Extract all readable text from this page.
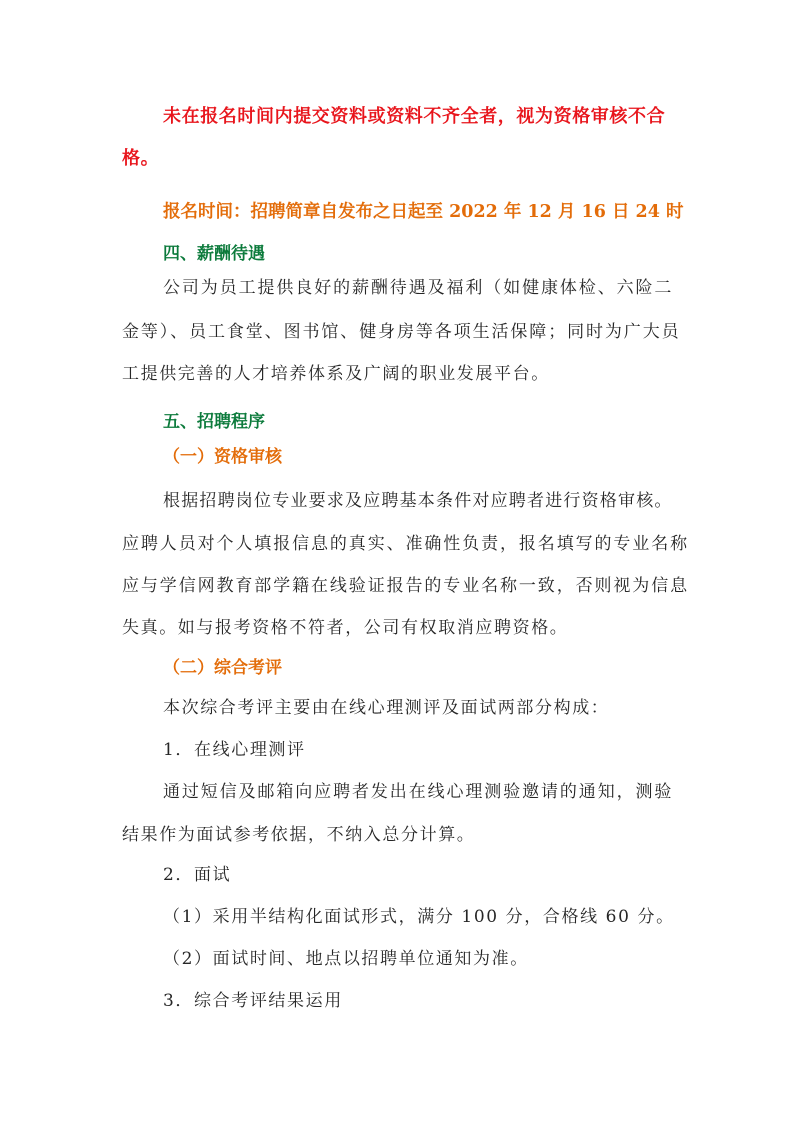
未在报名时间内提交资料或资料不齐全者，视为资格审核不合
格。
报名时间：招聘简章自发布之日起至 2022 年 12 月 16 日 24 时
四、薪酬待遇
公司为员工提供良好的薪酬待遇及福利（如健康体检、六险二
金等）、员工食堂、图书馆、健身房等各项生活保障；同时为广大员
工提供完善的人才培养体系及广阔的职业发展平台。
五、招聘程序
（一）资格审核
根据招聘岗位专业要求及应聘基本条件对应聘者进行资格审核。
应聘人员对个人填报信息的真实、准确性负责，报名填写的专业名称
应与学信网教育部学籍在线验证报告的专业名称一致，否则视为信息
失真。如与报考资格不符者，公司有权取消应聘资格。
（二）综合考评
本次综合考评主要由在线心理测评及面试两部分构成：
1．在线心理测评
通过短信及邮箱向应聘者发出在线心理测验邀请的通知，测验
结果作为面试参考依据，不纳入总分计算。
2．面试
（1）采用半结构化面试形式，满分 100 分，合格线 60 分。
（2）面试时间、地点以招聘单位通知为准。
3．综合考评结果运用
